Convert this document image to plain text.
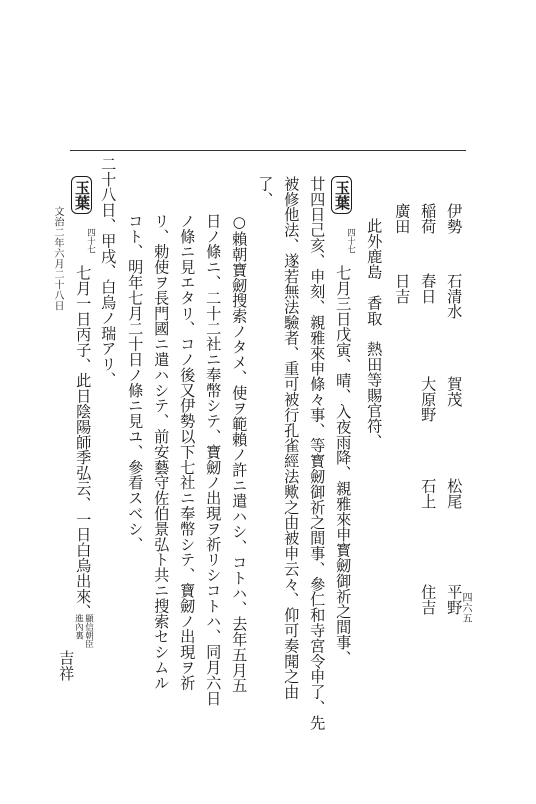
四六五
文治二年六月二十八日	伊勢
石清水
賀茂
松尾
平野
稲荷
春日
大原野
石上
住吉
廣田
日吉
此外鹿島　香取　熱田等賜官符、
玉葉
四十七
七月三日戊寅、晴、入夜雨降、親雅來申寳劒御祈之間事、
廿四日己亥、申刻、親雅來申條々事、等寳劒御祈之間事、參仁和寺宮令申了、先
被修他法、遂若無法驗者、重可被行孔雀經法歟之由被申云々、仰可奏聞之由
了、
○賴朝寶劒搜索ノタメ、使ヲ範賴ノ許ニ遣ハシ、コトハ、去年五月五
日ノ條ニ、二十二社ニ奉幣シテ、寶劒ノ出現ヲ祈リシコトハ、同月六日
ノ條ニ見エタリ、コノ後又伊勢以下七社ニ奉幣シテ、寶劒ノ出現ヲ祈
リ、勅使ヲ長門國ニ遣ハシテ、前安藝守佐伯景弘ト共ニ搜索セシムル
コト、明年七月二十日ノ條ニ見ユ、參看スベシ、
二十八日、甲戌、白烏ノ瑞アリ、
玉葉
四十七
七月一日丙子、此日陰陽師季弘云、一日白烏出來、
顯信朝臣
進內裏
吉祥
